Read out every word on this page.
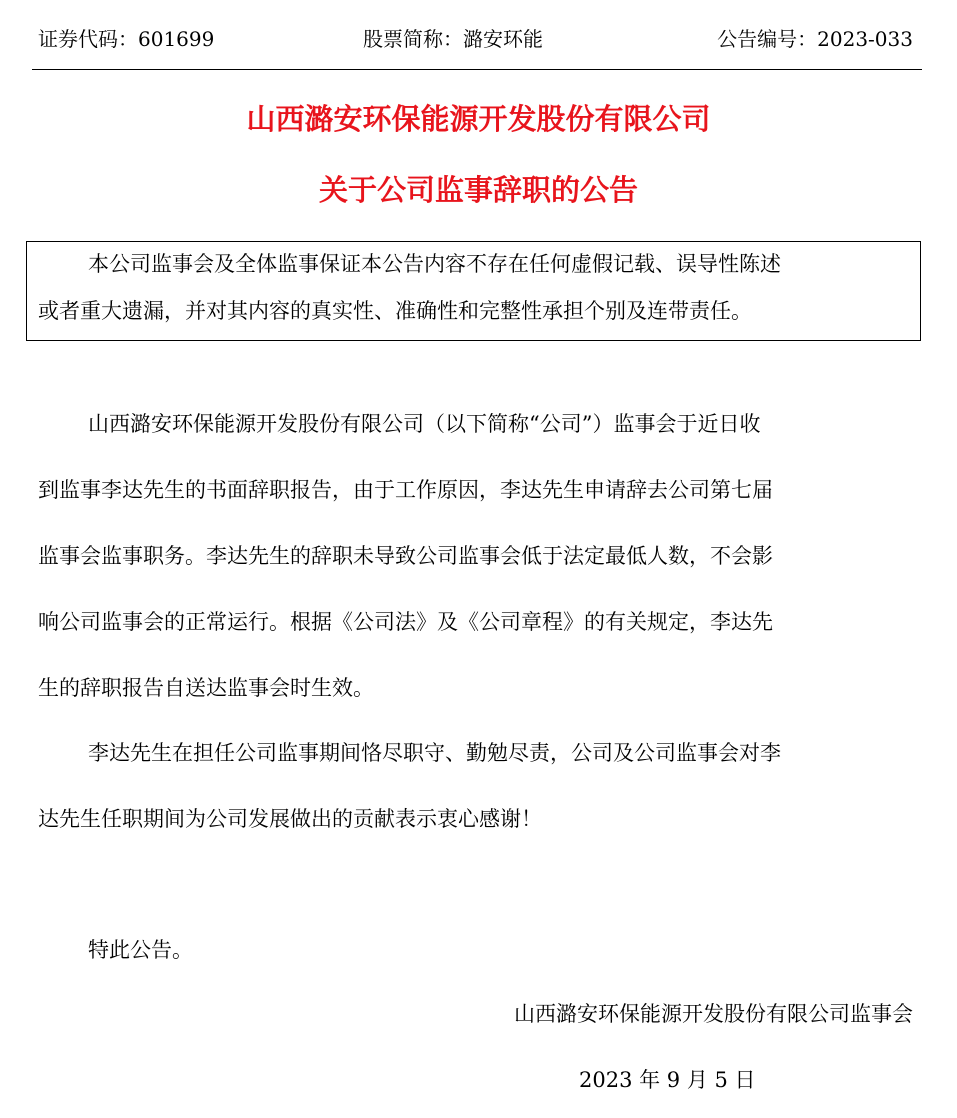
证券代码：601699	股票简称：潞安环能	公告编号：2023-033
山西潞安环保能源开发股份有限公司
关于公司监事辞职的公告

本公司监事会及全体监事保证本公告内容不存在任何虚假记载、误导性陈述

或者重大遗漏，并对其内容的真实性、准确性和完整性承担个别及连带责任。

山西潞安环保能源开发股份有限公司（以下简称“公司”）监事会于近日收

到监事李达先生的书面辞职报告，由于工作原因，李达先生申请辞去公司第七届

监事会监事职务。李达先生的辞职未导致公司监事会低于法定最低人数，不会影

响公司监事会的正常运行。根据《公司法》及《公司章程》的有关规定，李达先

生的辞职报告自送达监事会时生效。

李达先生在担任公司监事期间恪尽职守、勤勉尽责，公司及公司监事会对李

达先生任职期间为公司发展做出的贡献表示衷心感谢！

特此公告。

山西潞安环保能源开发股份有限公司监事会

2023 年 9 月 5 日
